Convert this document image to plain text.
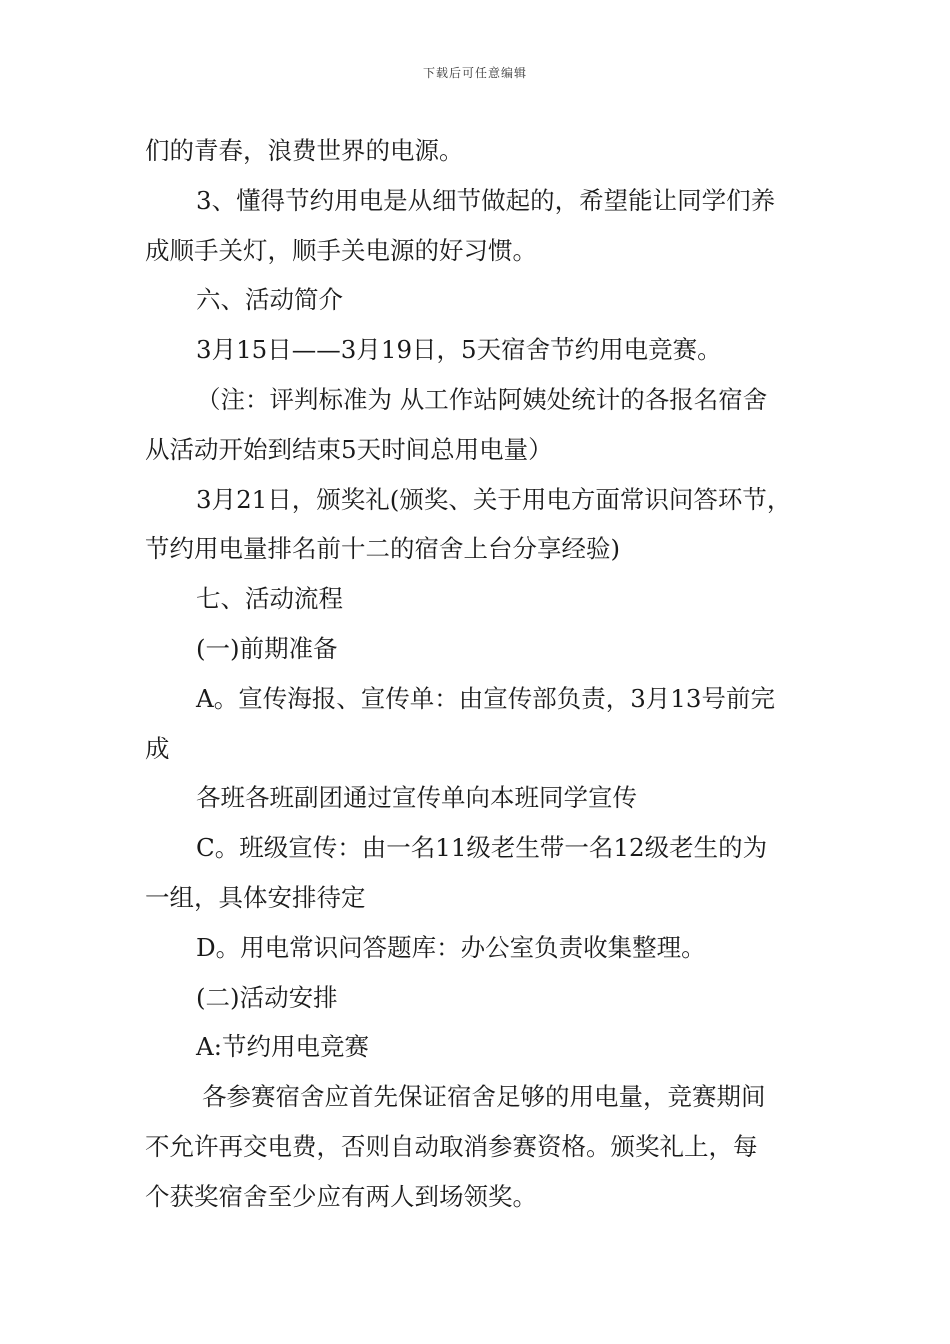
下载后可任意编辑
们的青春，浪费世界的电源。
3、懂得节约用电是从细节做起的，希望能让同学们养
成顺手关灯，顺手关电源的好习惯。
六、活动简介
3月15日——3月19日，5天宿舍节约用电竞赛。
（注：评判标准为 从工作站阿姨处统计的各报名宿舍
从活动开始到结束5天时间总用电量）
3月21日，颁奖礼(颁奖、关于用电方面常识问答环节，
节约用电量排名前十二的宿舍上台分享经验)
七、活动流程
(一)前期准备
A。宣传海报、宣传单：由宣传部负责，3月13号前完
成
各班各班副团通过宣传单向本班同学宣传
C。班级宣传：由一名11级老生带一名12级老生的为
一组，具体安排待定
D。用电常识问答题库：办公室负责收集整理。
(二)活动安排
A:节约用电竞赛
各参赛宿舍应首先保证宿舍足够的用电量，竞赛期间
不允许再交电费，否则自动取消参赛资格。颁奖礼上，每
个获奖宿舍至少应有两人到场领奖。
